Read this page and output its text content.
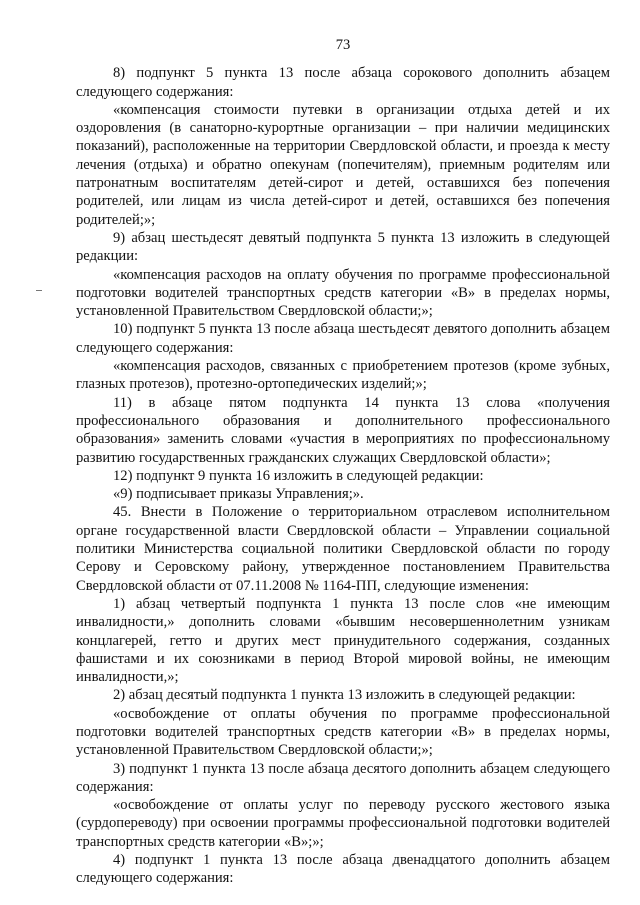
73

8) подпункт 5 пункта 13 после абзаца сорокового дополнить абзацем следующего содержания:

«компенсация стоимости путевки в организации отдыха детей и их оздоровления (в санаторно-курортные организации – при наличии медицинских показаний), расположенные на территории Свердловской области, и проезда к месту лечения (отдыха) и обратно опекунам (попечителям), приемным родителям или патронатным воспитателям детей-сирот и детей, оставшихся без попечения родителей, или лицам из числа детей-сирот и детей, оставшихся без попечения родителей;»;

9) абзац шестьдесят девятый подпункта 5 пункта 13 изложить в следующей редакции:

«компенсация расходов на оплату обучения по программе профессиональной подготовки водителей транспортных средств категории «B» в пределах нормы, установленной Правительством Свердловской области;»;

10) подпункт 5 пункта 13 после абзаца шестьдесят девятого дополнить абзацем следующего содержания:

«компенсация расходов, связанных с приобретением протезов (кроме зубных, глазных протезов), протезно-ортопедических изделий;»;

11) в абзаце пятом подпункта 14 пункта 13 слова «получения профессионального образования и дополнительного профессионального образования» заменить словами «участия в мероприятиях по профессиональному развитию государственных гражданских служащих Свердловской области»;

12) подпункт 9 пункта 16 изложить в следующей редакции:

«9) подписывает приказы Управления;».

45. Внести в Положение о территориальном отраслевом исполнительном органе государственной власти Свердловской области – Управлении социальной политики Министерства социальной политики Свердловской области по городу Серову и Серовскому району, утвержденное постановлением Правительства Свердловской области от 07.11.2008 № 1164-ПП, следующие изменения:

1) абзац четвертый подпункта 1 пункта 13 после слов «не имеющим инвалидности,» дополнить словами «бывшим несовершеннолетним узникам концлагерей, гетто и других мест принудительного содержания, созданных фашистами и их союзниками в период Второй мировой войны, не имеющим инвалидности,»;

2) абзац десятый подпункта 1 пункта 13 изложить в следующей редакции:

«освобождение от оплаты обучения по программе профессиональной подготовки водителей транспортных средств категории «B» в пределах нормы, установленной Правительством Свердловской области;»;

3) подпункт 1 пункта 13 после абзаца десятого дополнить абзацем следующего содержания:

«освобождение от оплаты услуг по переводу русского жестового языка (сурдопереводу) при освоении программы профессиональной подготовки водителей транспортных средств категории «B»;»;

4) подпункт 1 пункта 13 после абзаца двенадцатого дополнить абзацем следующего содержания:
